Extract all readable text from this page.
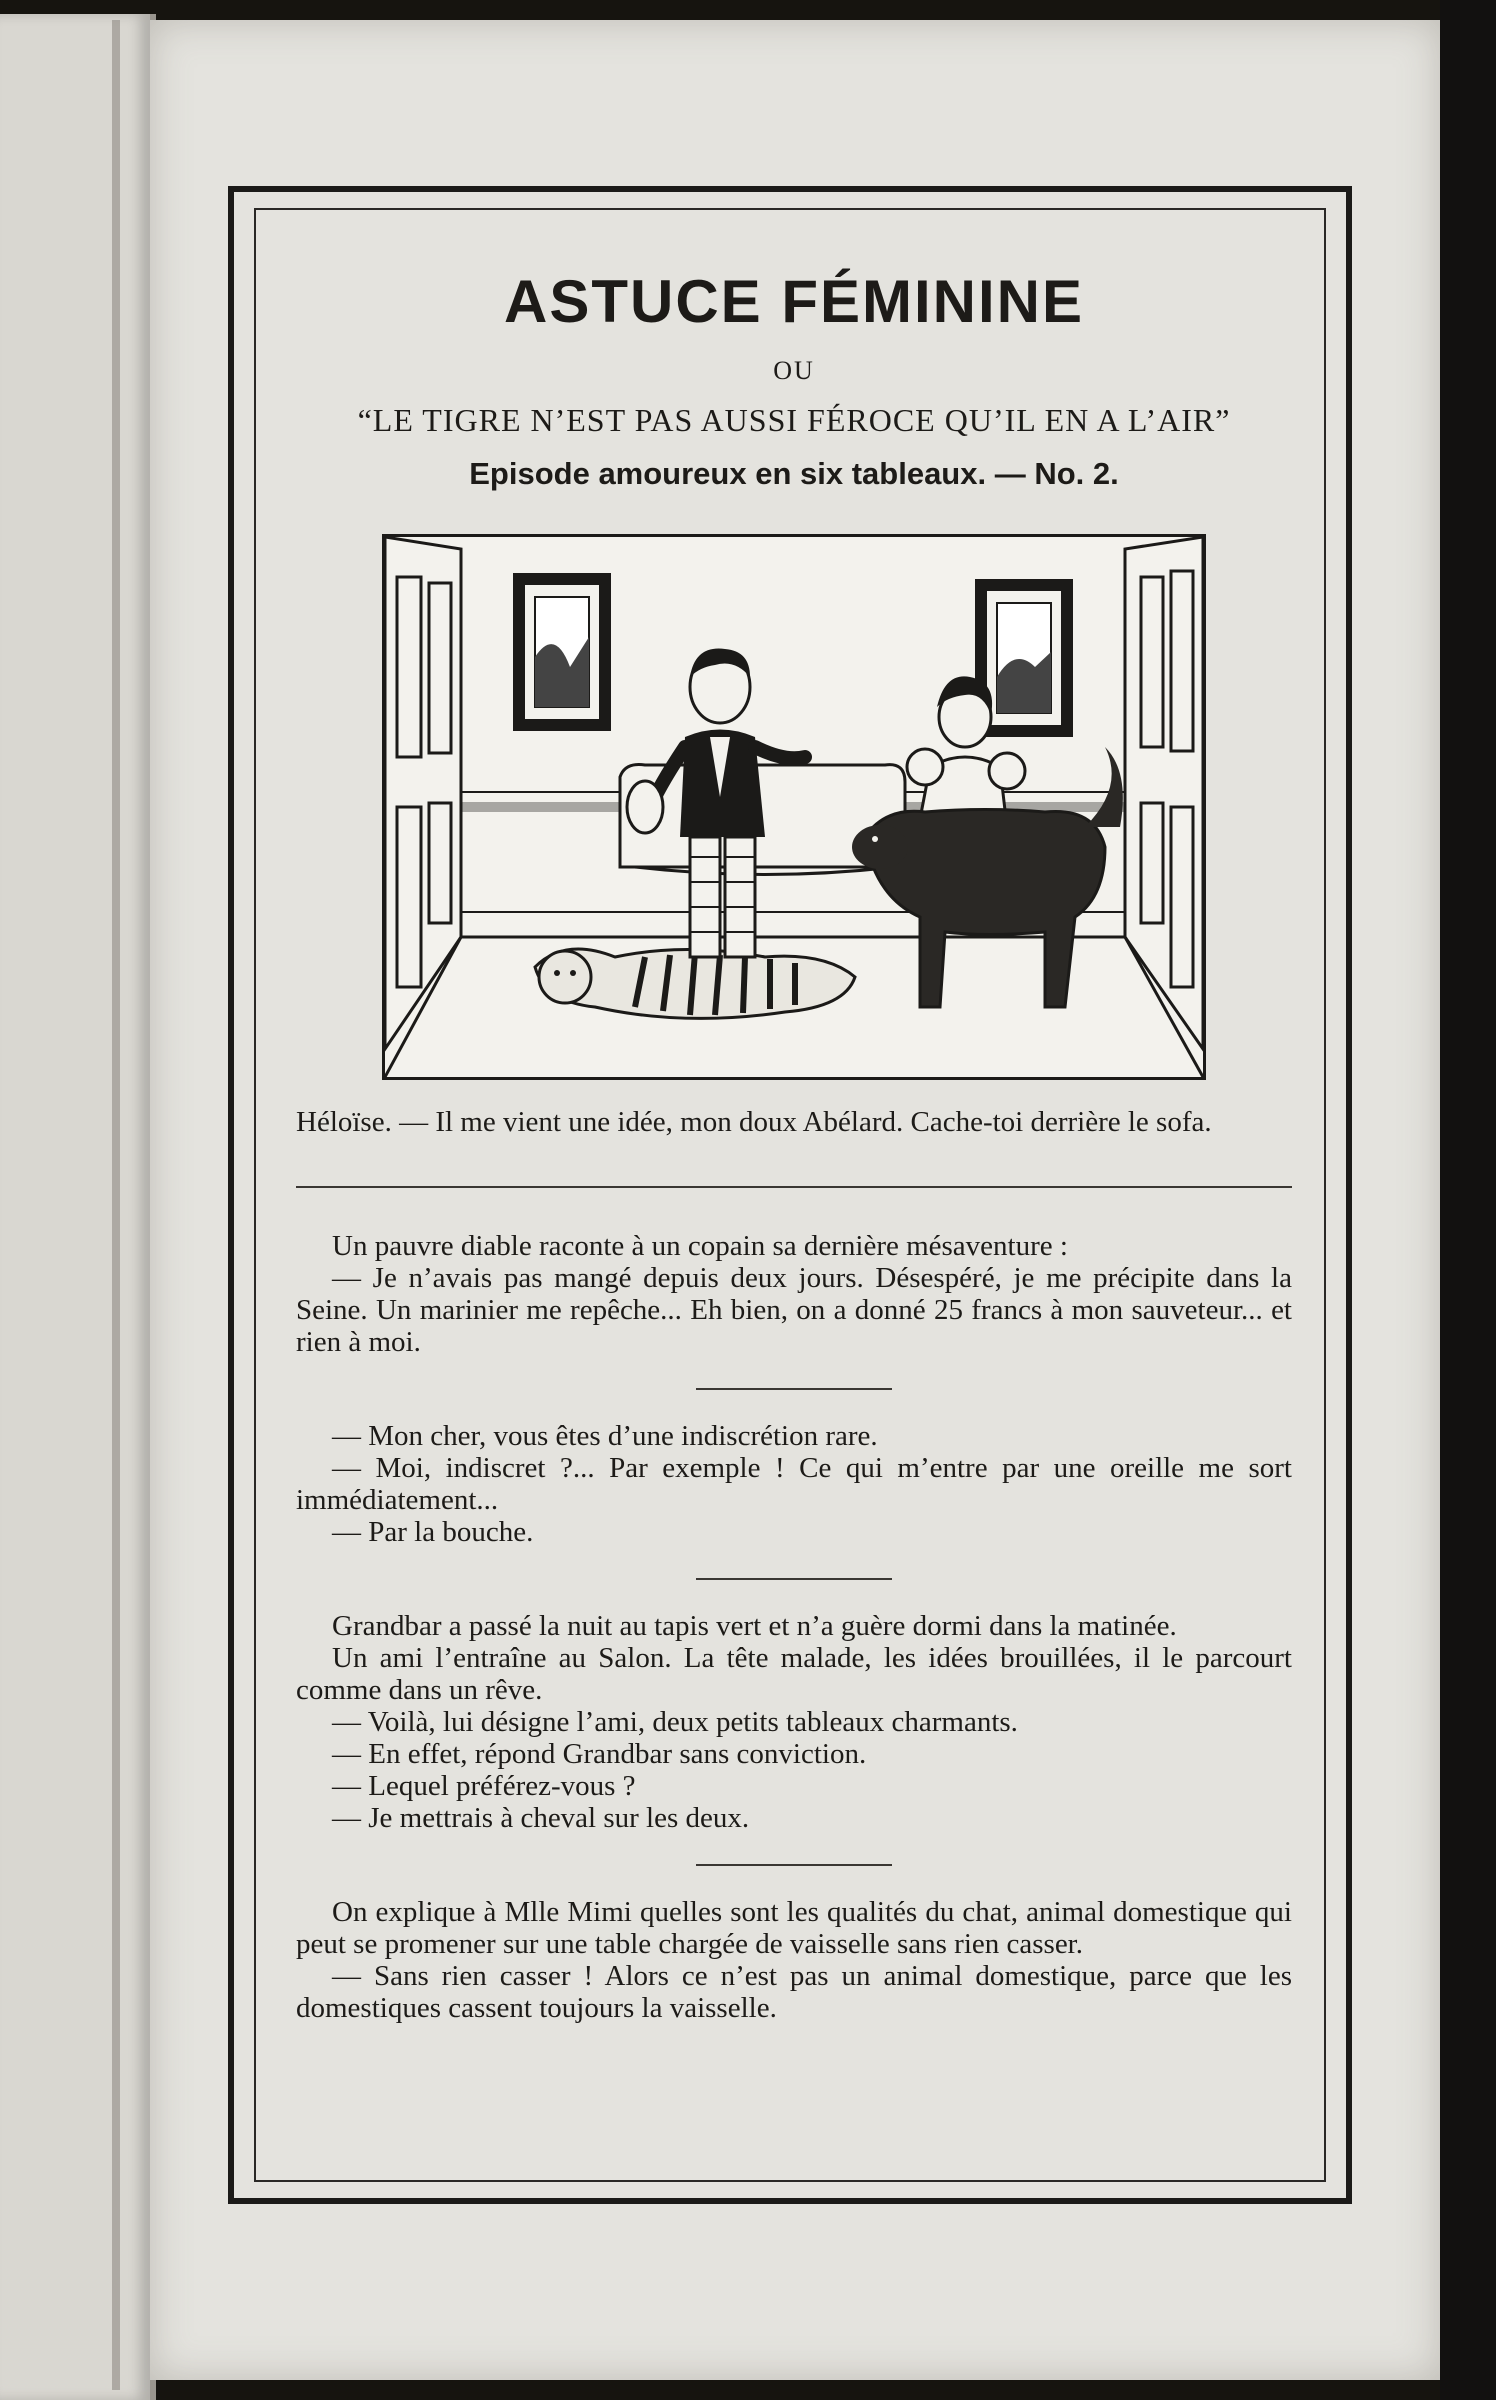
ASTUCE FÉMININE
OU
“LE TIGRE N’EST PAS AUSSI FÉROCE QU’IL EN A L’AIR”
Episode amoureux en six tableaux. — No. 2.
Héloïse. — Il me vient une idée, mon doux Abélard. Cache-toi derrière le sofa.

Un pauvre diable raconte à un copain sa dernière mésaventure :

— Je n’avais pas mangé depuis deux jours. Désespéré, je me précipite dans la Seine. Un marinier me repêche... Eh bien, on a donné 25 francs à mon sauveteur... et rien à moi.

— Mon cher, vous êtes d’une indiscrétion rare.

— Moi, indiscret ?... Par exemple ! Ce qui m’entre par une oreille me sort immédiatement...

— Par la bouche.

Grandbar a passé la nuit au tapis vert et n’a guère dormi dans la matinée.

Un ami l’entraîne au Salon. La tête malade, les idées brouillées, il le parcourt comme dans un rêve.

— Voilà, lui désigne l’ami, deux petits tableaux charmants.

— En effet, répond Grandbar sans conviction.

— Lequel préférez-vous ?

— Je mettrais à cheval sur les deux.

On explique à Mlle Mimi quelles sont les qualités du chat, animal domestique qui peut se promener sur une table chargée de vaisselle sans rien casser.

— Sans rien casser ! Alors ce n’est pas un animal domestique, parce que les domestiques cassent toujours la vaisselle.
